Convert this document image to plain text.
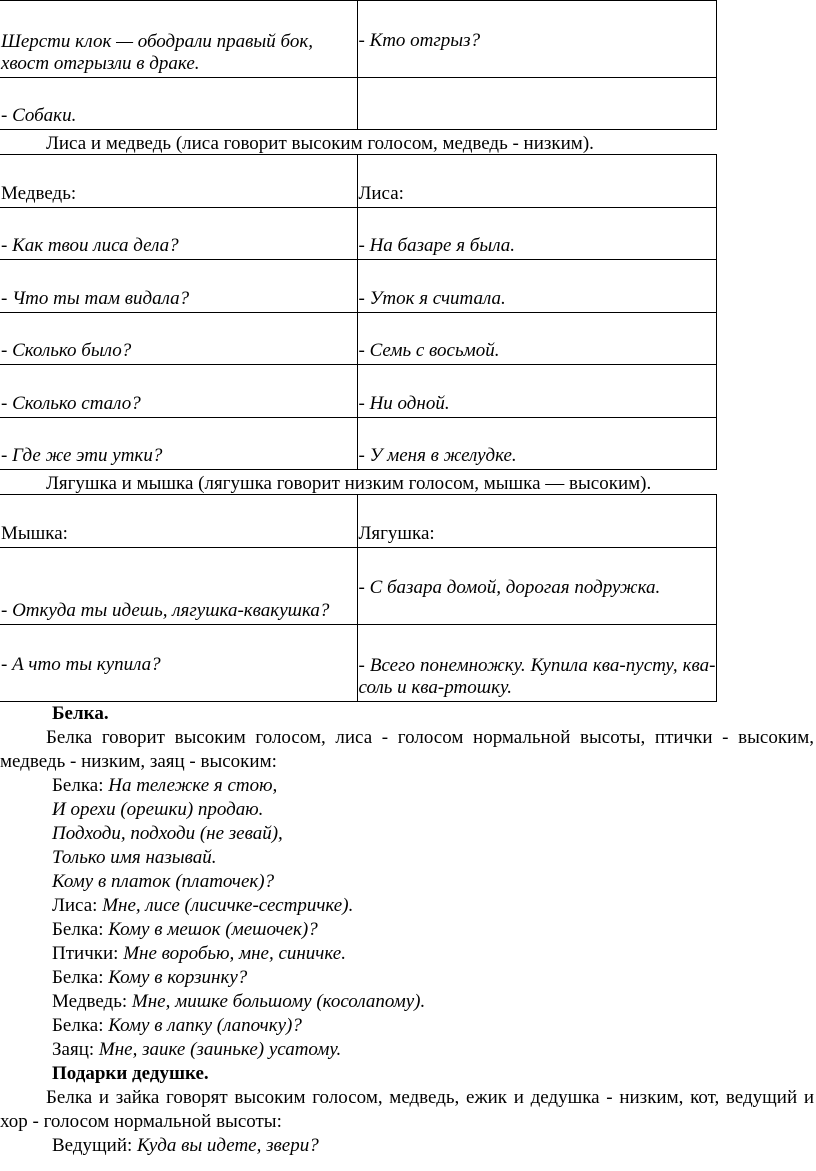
Шерсти клок — ободрали правый бок, хвост отгрызли в драке.	- Кто отгрыз?
- Собаки.	
Лиса и медведь (лиса говорит высоким голосом, медведь - низким).
Медведь:	Лиса:
- Как твои лиса дела?	- На базаре я была.
- Что ты там видала?	- Уток я считала.
- Сколько было?	- Семь с восьмой.
- Сколько стало?	- Ни одной.
- Где же эти утки?	- У меня в желудке.
Лягушка и мышка (лягушка говорит низким голосом, мышка — высоким).
Мышка:	Лягушка:
- Откуда ты идешь, лягушка-квакушка?	- С базара домой, дорогая подружка.
- А что ты купила?	- Всего понемножку. Купила ква-пусту, ква-соль и ква-ртошку.
Белка.
Белка говорит высоким голосом, лиса - голосом нормальной высоты, птички - высоким, медведь - низким, заяц - высоким:
Белка: На тележке я стою,
И орехи (орешки) продаю.
Подходи, подходи (не зевай),
Только имя называй.
Кому в платок (платочек)?
Лиса: Мне, лисе (лисичке-сестричке).
Белка: Кому в мешок (мешочек)?
Птички: Мне воробью, мне, синичке.
Белка: Кому в корзинку?
Медведь: Мне, мишке большому (косолапому).
Белка: Кому в лапку (лапочку)?
Заяц: Мне, заике (заиньке) усатому.
Подарки дедушке.
Белка и зайка говорят высоким голосом, медведь, ежик и дедушка - низким, кот, ведущий и хор - голосом нормальной высоты:
Ведущий: Куда вы идете, звери?
